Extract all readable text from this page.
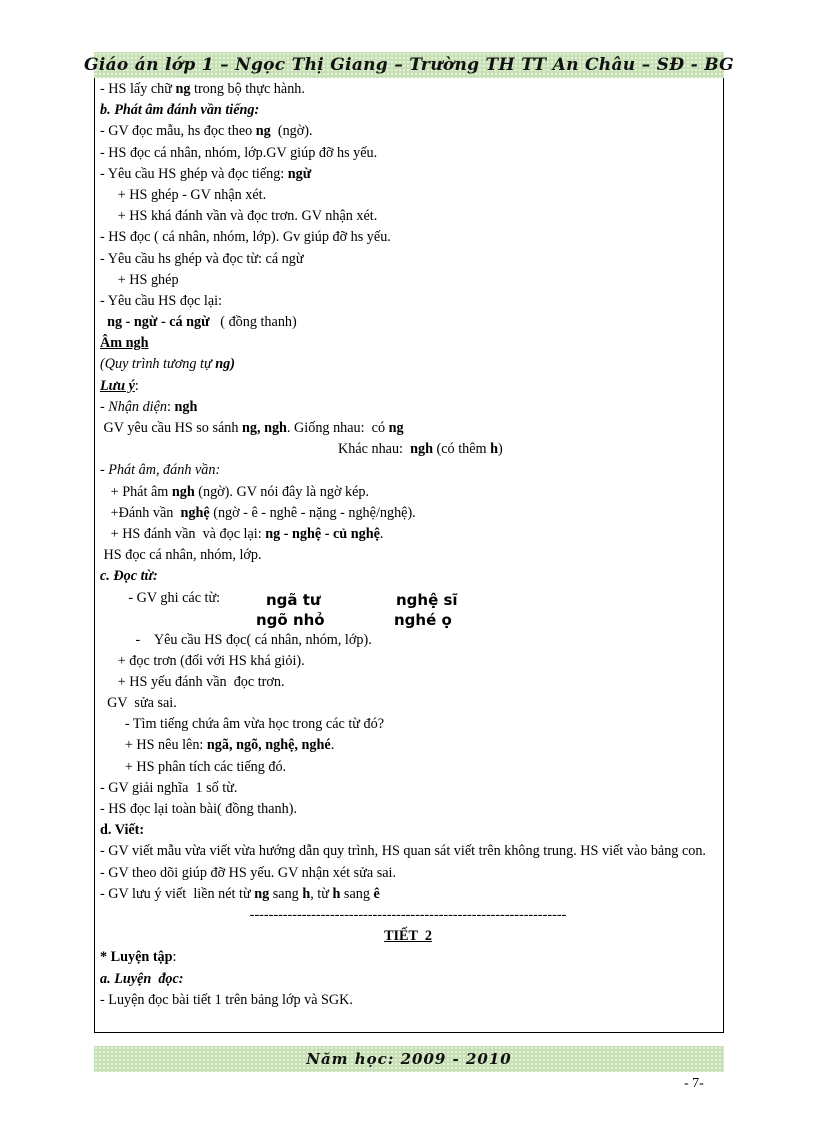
Giáo án lớp 1 – Ngọc Thị Giang – Trường TH TT An Châu – SĐ - BG
- HS lấy chữ ng trong bộ thực hành.
b. Phát âm đánh vần tiếng:
- GV đọc mẫu, hs đọc theo ng  (ngờ).
- HS đọc cá nhân, nhóm, lớp.GV giúp đỡ hs yếu.
- Yêu cầu HS ghép và đọc tiếng: ngừ
+ HS ghép - GV nhận xét.
+ HS khá đánh vần và đọc trơn. GV nhận xét.
- HS đọc ( cá nhân, nhóm, lớp). Gv giúp đỡ hs yếu.
- Yêu cầu hs ghép và đọc từ: cá ngừ
+ HS ghép
- Yêu cầu HS đọc lại:
ng - ngừ - cá ngừ   ( đồng thanh)
Âm ngh
(Quy trình tương tự ng)
Lưu ý:
- Nhận diện: ngh
GV yêu cầu HS so sánh ng, ngh. Giống nhau:  có ng
Khác nhau:  ngh (có thêm h)
- Phát âm, đánh vần:
+ Phát âm ngh (ngờ). GV nói đây là ngờ kép.
+Đánh vần  nghệ (ngờ - ê - nghê - nặng - nghệ/nghệ).
+ HS đánh vần  và đọc lại: ng - nghệ - củ nghệ.
HS đọc cá nhân, nhóm, lớp.
c. Đọc từ:
- GV ghi các từ:	ngã tư	nghệ sĩ
ngõ nhỏ	nghé ọ
-    Yêu cầu HS đọc( cá nhân, nhóm, lớp).
+ đọc trơn (đối với HS khá giỏi).
+ HS yếu đánh vần  đọc trơn.
GV  sửa sai.
- Tìm tiếng chứa âm vừa học trong các từ đó?
+ HS nêu lên: ngã, ngõ, nghệ, nghé.
+ HS phân tích các tiếng đó.
- GV giải nghĩa  1 số từ.
- HS đọc lại toàn bài( đồng thanh).
d. Viết:
- GV viết mẫu vừa viết vừa hướng dẫn quy trình, HS quan sát viết trên không trung. HS viết vào bảng con.
- GV theo dõi giúp đỡ HS yếu. GV nhận xét sửa sai.
- GV lưu ý viết  liền nét từ ng sang h, từ h sang ê
-------------------------------------------------------------------
TIẾT  2
* Luyện tập:
a. Luyện  đọc:
- Luyện đọc bài tiết 1 trên bảng lớp và SGK.
Năm học: 2009 - 2010
- 7-
